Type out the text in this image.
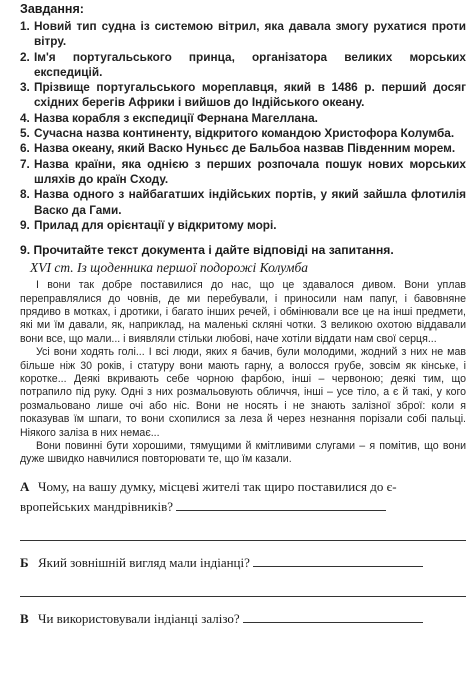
Завдання:
1. Новий тип судна із системою вітрил, яка давала змогу рухатися проти вітру.
2. Ім'я португальського принца, організатора великих морських експедицій.
3. Прізвище португальського мореплавця, який в 1486 р. перший досяг східних берегів Африки і вийшов до Індійського океану.
4. Назва корабля з експедиції Фернана Магеллана.
5. Сучасна назва континенту, відкритого командою Христофора Колумба.
6. Назва океану, який Васко Нуньєс де Бальбоа назвав Південним морем.
7. Назва країни, яка однією з перших розпочала пошук нових морських шляхів до країн Сходу.
8. Назва одного з найбагатших індійських портів, у який зайшла флотилія Васко да Гами.
9. Прилад для орієнтації у відкритому морі.
9. Прочитайте текст документа і дайте відповіді на запитання.
XVI ст. Із щоденника першої подорожі Колумба

І вони так добре поставилися до нас, що це здавалося дивом. Вони уплав перепpавлялися до човнів, де ми перебували, і приносили нам папуг, і бавовняне прядиво в мотках, і дротики, і багато інших речей, і обмінювали все це на інші предмети, які ми їм давали, як, наприклад, на маленькі скляні чотки. З великою охотою віддавали вони все, що мали... і виявляли стільки любові, наче хотіли віддати нам свої серця...

Усі вони ходять голі... І всі люди, яких я бачив, були молодими, жодний з них не мав більше ніж 30 років, і статуру вони мають гарну, а волосся грубе, зовсім як кінське, і коротке... Деякі вкривають себе чорною фарбою, інші – червоною; деякі тим, що потрапило під руку. Одні з них розмальовують обличчя, інші – усе тіло, а є й такі, у кого розмальовано лише очі або ніс. Вони не носять і не знають залізної зброї: коли я показував їм шпаги, то вони схопилися за леза й через незнання порізали собі пальці. Ніякого заліза в них немає...

Вони повинні бути хорошими, тямущими й кмітливими слугами – я помітив, що вони дуже швидко навчилися повторювати те, що їм казали.

А Чому, на вашу думку, місцеві жителі так щиро поставилися до є-
вропейських мандрівників?
Б Який зовнішній вигляд мали індіанці?
В Чи використовували індіанці залізо?
